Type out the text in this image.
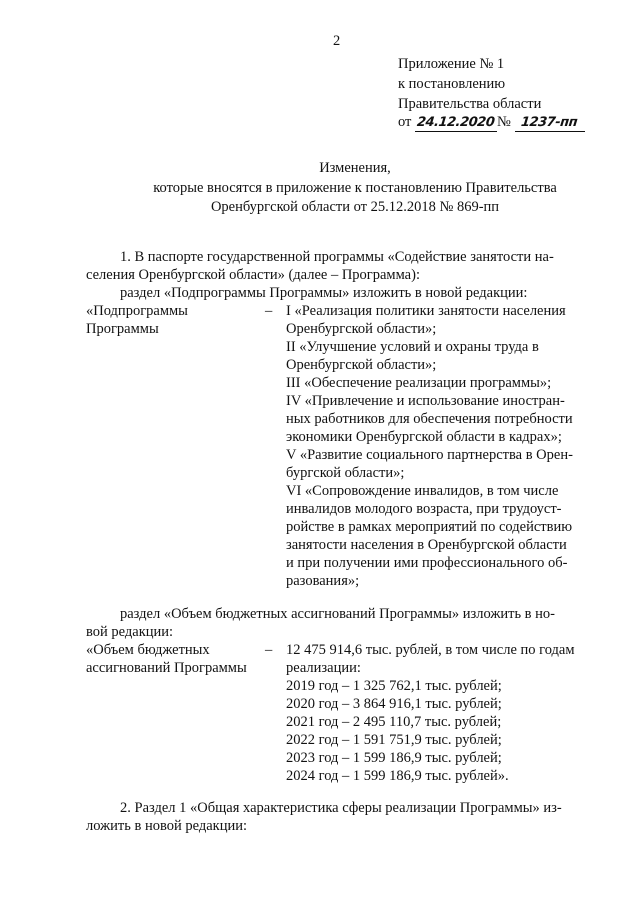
2
Приложение № 1
к постановлению
Правительства области
от 24.12.2020 № 1237-пп
Изменения,
которые вносятся в приложение к постановлению Правительства
Оренбургской области от 25.12.2018 № 869-пп
1. В паспорте государственной программы «Содействие занятости на-
селения Оренбургской области» (далее – Программа):
раздел «Подпрограммы Программы» изложить в новой редакции:
«Подпрограммы
Программы
– I «Реализация политики занятости населения
Оренбургской области»;
II «Улучшение условий и охраны труда в
Оренбургской области»;
III «Обеспечение реализации программы»;
IV «Привлечение и использование иностран-
ных работников для обеспечения потребности
экономики Оренбургской области в кадрах»;
V «Развитие социального партнерства в Орен-
бургской области»;
VI «Сопровождение инвалидов, в том числе
инвалидов молодого возраста, при трудоуст-
ройстве в рамках мероприятий по содействию
занятости населения в Оренбургской области
и при получении ими профессионального об-
разования»;
раздел «Объем бюджетных ассигнований Программы» изложить в но-
вой редакции:
«Объем бюджетных
ассигнований Программы
– 12 475 914,6 тыс. рублей, в том числе по годам
реализации:
2019 год – 1 325 762,1 тыс. рублей;
2020 год – 3 864 916,1 тыс. рублей;
2021 год – 2 495 110,7 тыс. рублей;
2022 год – 1 591 751,9 тыс. рублей;
2023 год – 1 599 186,9 тыс. рублей;
2024 год – 1 599 186,9 тыс. рублей».
2. Раздел 1 «Общая характеристика сферы реализации Программы» из-
ложить в новой редакции:
